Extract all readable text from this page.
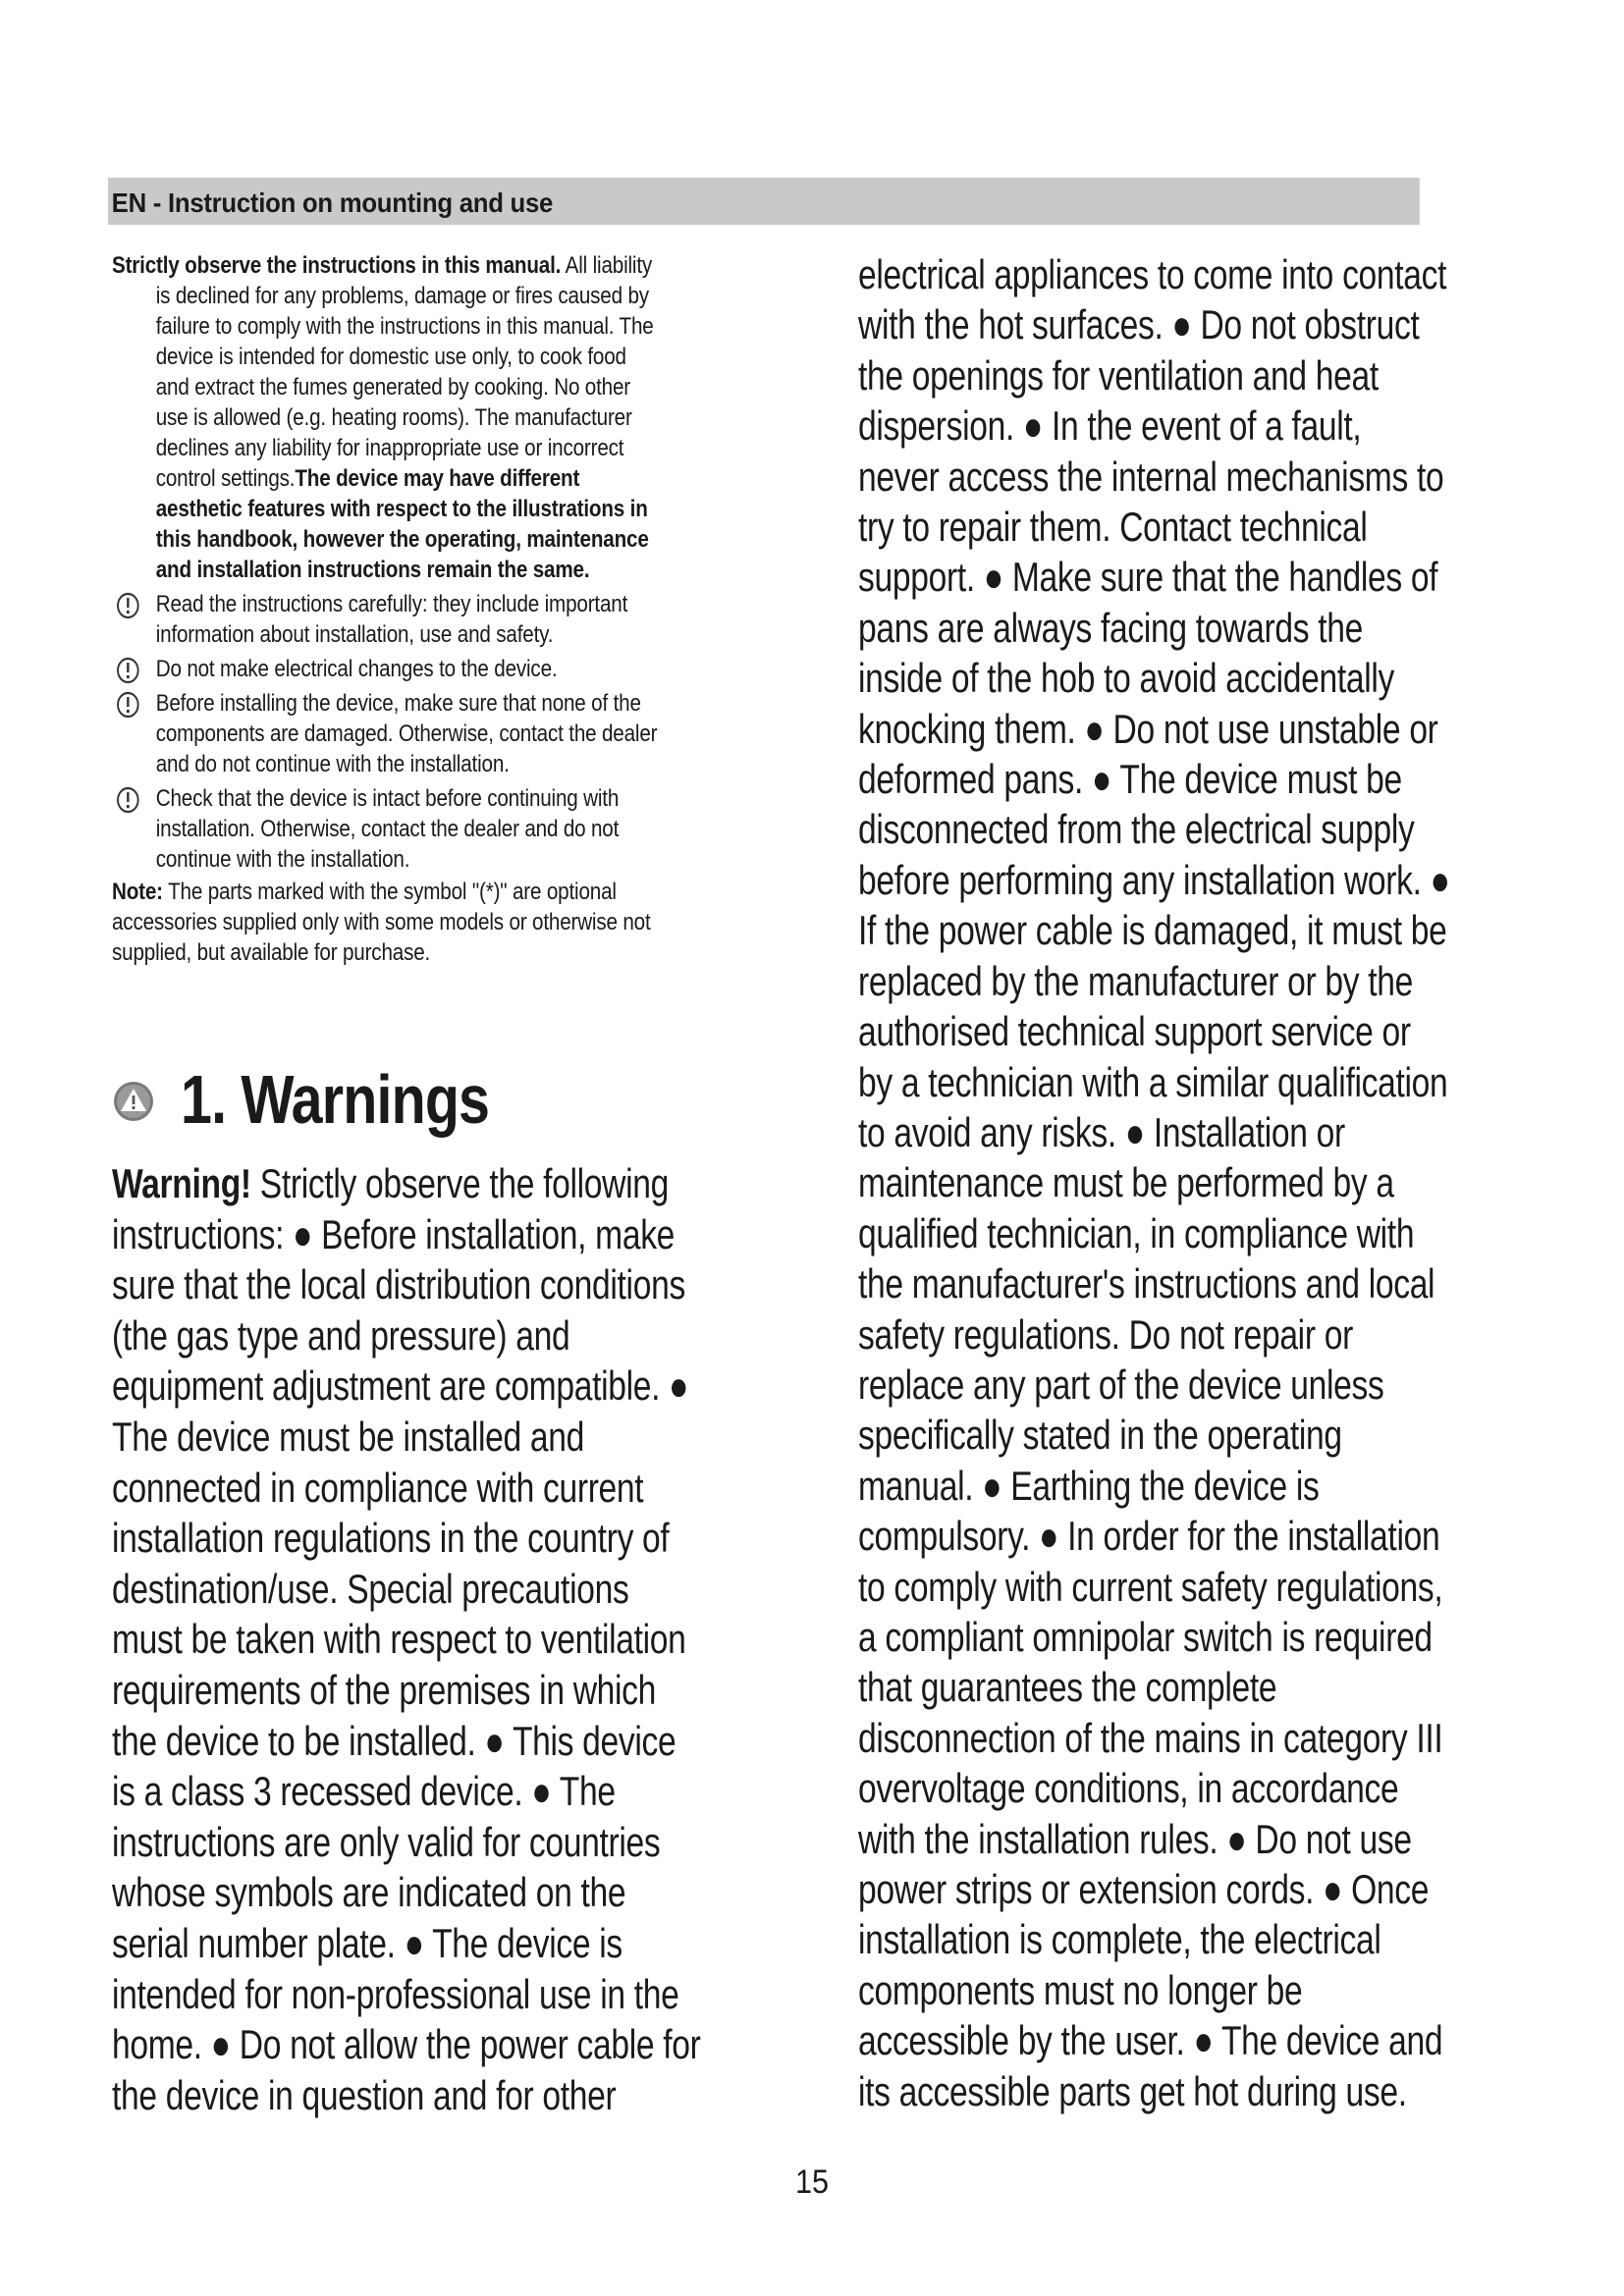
EN - Instruction on mounting and use

Strictly observe the instructions in this manual. All liability

is declined for any problems, damage or fires caused by

failure to comply with the instructions in this manual. The

device is intended for domestic use only, to cook food

and extract the fumes generated by cooking. No other

use is allowed (e.g. heating rooms). The manufacturer

declines any liability for inappropriate use or incorrect

control settings.The device may have different

aesthetic features with respect to the illustrations in

this handbook, however the operating, maintenance

and installation instructions remain the same.

Read the instructions carefully: they include important

information about installation, use and safety.

Do not make electrical changes to the device.

Before installing the device, make sure that none of the

components are damaged. Otherwise, contact the dealer

and do not continue with the installation.

Check that the device is intact before continuing with

installation. Otherwise, contact the dealer and do not

continue with the installation.

Note: The parts marked with the symbol "(*)" are optional

accessories supplied only with some models or otherwise not

supplied, but available for purchase.

1. Warnings
Warning! Strictly observe the following
instructions: ● Before installation, make
sure that the local distribution conditions
(the gas type and pressure) and
equipment adjustment are compatible. ●
The device must be installed and
connected in compliance with current
installation regulations in the country of
destination/use. Special precautions
must be taken with respect to ventilation
requirements of the premises in which
the device to be installed. ● This device
is a class 3 recessed device. ● The
instructions are only valid for countries
whose symbols are indicated on the
serial number plate. ● The device is
intended for non-professional use in the
home. ● Do not allow the power cable for
the device in question and for other
electrical appliances to come into contact
with the hot surfaces. ● Do not obstruct
the openings for ventilation and heat
dispersion. ● In the event of a fault,
never access the internal mechanisms to
try to repair them. Contact technical
support. ● Make sure that the handles of
pans are always facing towards the
inside of the hob to avoid accidentally
knocking them. ● Do not use unstable or
deformed pans. ● The device must be
disconnected from the electrical supply
before performing any installation work. ●
If the power cable is damaged, it must be
replaced by the manufacturer or by the
authorised technical support service or
by a technician with a similar qualification
to avoid any risks. ● Installation or
maintenance must be performed by a
qualified technician, in compliance with
the manufacturer's instructions and local
safety regulations. Do not repair or
replace any part of the device unless
specifically stated in the operating
manual. ● Earthing the device is
compulsory. ● In order for the installation
to comply with current safety regulations,
a compliant omnipolar switch is required
that guarantees the complete
disconnection of the mains in category III
overvoltage conditions, in accordance
with the installation rules. ● Do not use
power strips or extension cords. ● Once
installation is complete, the electrical
components must no longer be
accessible by the user. ● The device and
its accessible parts get hot during use.
15
